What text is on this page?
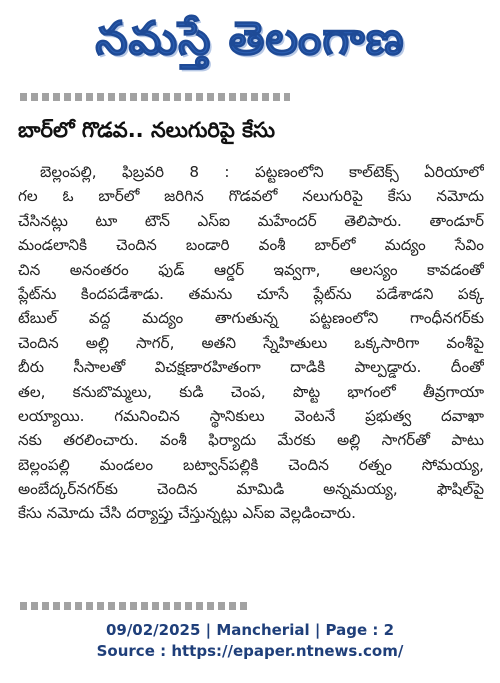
నమస్తే తెలంగాణ
బార్‌లో గొడవ.. నలుగురిపై కేసు
బెల్లంపల్లి, ఫిబ్రవరి 8 : పట్టణంలోని కాల్‌టెక్స్ ఏరియాలో
గల ఓ బార్‌లో జరిగిన గొడవలో నలుగురిపై కేసు నమోదు
చేసినట్లు టూ టౌన్ ఎస్ఐ మహేందర్ తెలిపారు. తాండూర్
మండలానికి చెందిన బండారి వంశీ బార్‌లో మద్యం సేవిం
చిన అనంతరం ఫుడ్ ఆర్డర్ ఇవ్వగా, ఆలస్యం కావడంతో
ప్లేట్‌ను కిందపడేశాడు. తమను చూసే ప్లేట్‌ను పడేశాడని పక్క
టేబుల్ వద్ద మద్యం తాగుతున్న పట్టణంలోని గాంధీనగర్‌కు
చెందిన అల్లి సాగర్, అతని స్నేహితులు ఒక్కసారిగా వంశీపై
బీరు సీసాలతో విచక్షణారహితంగా దాడికి పాల్పడ్డారు. దీంతో
తల, కనుబొమ్మలు, కుడి చెంప, పొట్ట భాగంలో తీవ్రగాయా
లయ్యాయి. గమనించిన స్థానికులు వెంటనే ప్రభుత్వ దవాఖా
నకు తరలించారు. వంశీ ఫిర్యాదు మేరకు అల్లి సాగర్‌తో పాటు
బెల్లంపల్లి మండలం బట్వాన్‌పల్లికి చెందిన రత్నం సోమయ్య,
అంబేద్కర్‌నగర్‌కు చెందిన మామిడి అన్నమయ్య, ఫౌషిల్‌పై
కేసు నమోదు చేసి దర్యాప్తు చేస్తున్నట్లు ఎస్ఐ వెల్లడించారు.
09/02/2025 | Mancherial | Page : 2
Source : https://epaper.ntnews.com/
